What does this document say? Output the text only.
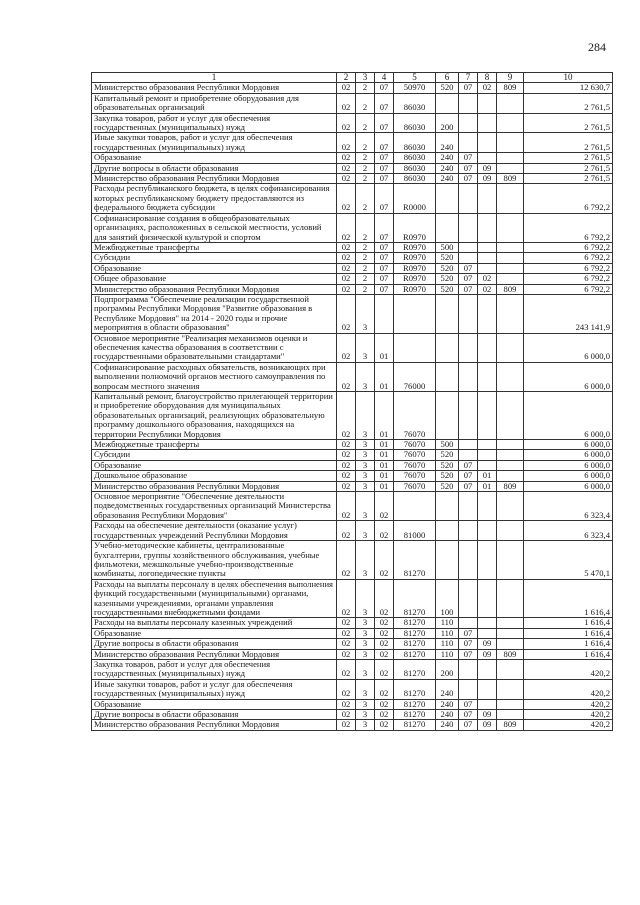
284
1	2	3	4	5	6	7	8	9	10
Министерство образования Республики Мордовия	02	2	07	50970	520	07	02	809	12 630,7
Капитальный ремонт и приобретение оборудования для образовательных организаций	02	2	07	86030					2 761,5
Закупка товаров, работ и услуг для обеспечения государственных (муниципальных) нужд	02	2	07	86030	200				2 761,5
Иные закупки товаров, работ и услуг для обеспечения государственных (муниципальных) нужд	02	2	07	86030	240				2 761,5
Образование	02	2	07	86030	240	07			2 761,5
Другие вопросы в области образования	02	2	07	86030	240	07	09		2 761,5
Министерство образования Республики Мордовия	02	2	07	86030	240	07	09	809	2 761,5
Расходы республиканского бюджета, в целях софинансирования которых республиканскому бюджету предоставляются из федерального бюджета субсидии	02	2	07	R0000					6 792,2
Софинансирование создания в общеобразовательных организациях, расположенных в сельской местности, условий для занятий физической культурой и спортом	02	2	07	R0970					6 792,2
Межбюджетные трансферты	02	2	07	R0970	500				6 792,2
Субсидии	02	2	07	R0970	520				6 792,2
Образование	02	2	07	R0970	520	07			6 792,2
Общее образование	02	2	07	R0970	520	07	02		6 792,2
Министерство образования Республики Мордовия	02	2	07	R0970	520	07	02	809	6 792,2
Подпрограмма "Обеспечение реализации государственной программы Республики Мордовия "Развитие образования в Республике Мордовия" на 2014 - 2020 годы и прочие мероприятия в области образования"	02	3							243 141,9
Основное мероприятие "Реализация механизмов оценки и обеспечения качества образования в соответствии с государственными образовательными стандартами"	02	3	01						6 000,0
Софинансирование расходных обязательств, возникающих при выполнении полномочий органов местного самоуправления по вопросам местного значения	02	3	01	76000					6 000,0
Капитальный ремонт, благоустройство прилегающей территории и приобретение оборудования для муниципальных образовательных организаций, реализующих образовательную программу дошкольного образования, находящихся на территории Республики Мордовия	02	3	01	76070					6 000,0
Межбюджетные трансферты	02	3	01	76070	500				6 000,0
Субсидии	02	3	01	76070	520				6 000,0
Образование	02	3	01	76070	520	07			6 000,0
Дошкольное образование	02	3	01	76070	520	07	01		6 000,0
Министерство образования Республики Мордовия	02	3	01	76070	520	07	01	809	6 000,0
Основное мероприятие "Обеспечение деятельности подведомственных государственных организаций Министерства образования Республики Мордовия"	02	3	02						6 323,4
Расходы на обеспечение деятельности (оказание услуг) государственных учреждений Республики Мордовия	02	3	02	81000					6 323,4
Учебно-методические кабинеты, централизованные бухгалтерии, группы хозяйственного обслуживания, учебные фильмотеки, межшкольные учебно-производственные комбинаты, логопедические пункты	02	3	02	81270					5 470,1
Расходы на выплаты персоналу в целях обеспечения выполнения функций государственными (муниципальными) органами, казенными учреждениями, органами управления государственными внебюджетными фондами	02	3	02	81270	100				1 616,4
Расходы на выплаты персоналу казенных учреждений	02	3	02	81270	110				1 616,4
Образование	02	3	02	81270	110	07			1 616,4
Другие вопросы в области образования	02	3	02	81270	110	07	09		1 616,4
Министерство образования Республики Мордовия	02	3	02	81270	110	07	09	809	1 616,4
Закупка товаров, работ и услуг для обеспечения государственных (муниципальных) нужд	02	3	02	81270	200				420,2
Иные закупки товаров, работ и услуг для обеспечения государственных (муниципальных) нужд	02	3	02	81270	240				420,2
Образование	02	3	02	81270	240	07			420,2
Другие вопросы в области образования	02	3	02	81270	240	07	09		420,2
Министерство образования Республики Мордовия	02	3	02	81270	240	07	09	809	420,2
